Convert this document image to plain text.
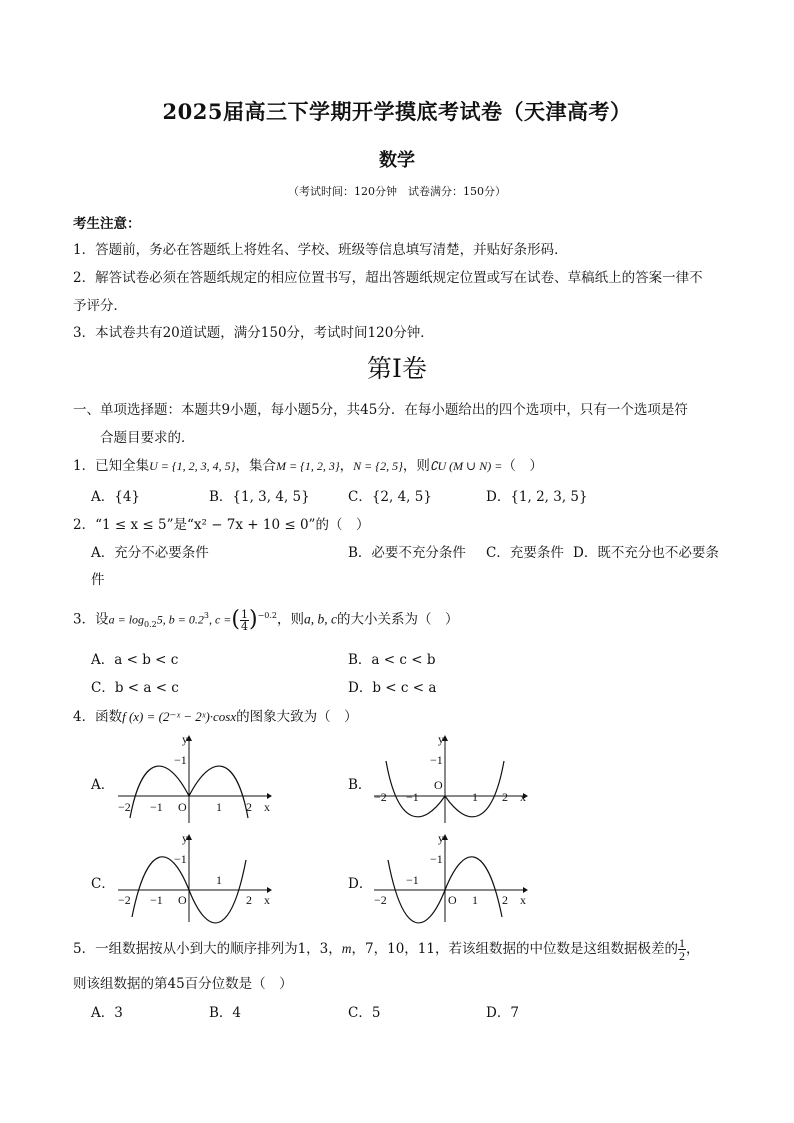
2025届高三下学期开学摸底考试卷（天津高考）
数学
（考试时间：120分钟　试卷满分：150分）
考生注意：
1．答题前，务必在答题纸上将姓名、学校、班级等信息填写清楚，并贴好条形码．
2．解答试卷必须在答题纸规定的相应位置书写，超出答题纸规定位置或写在试卷、草稿纸上的答案一律不
予评分．
3．本试卷共有20道试题，满分150分，考试时间120分钟．
第Ⅰ卷
一、单项选择题：本题共9小题，每小题5分，共45分．在每小题给出的四个选项中，只有一个选项是符
合题目要求的．
1．已知全集U = {1, 2, 3, 4, 5}，集合M = {1, 2, 3}，N = {2, 5}，则∁U (M ∪ N) =（　）
A．{4}	B．{1, 3, 4, 5}	C．{2, 4, 5}	D．{1, 2, 3, 5}
2．“1 ≤ x ≤ 5”是“x² − 7x + 10 ≤ 0”的（　）
A．充分不必要条件	B．必要不充分条件 C．充要条件 D．既不充分也不必要条
件
3．设$a = \log_{0.2}5$, $b = 0.2^3$, c =( $\frac{1}{4} )^{-0.2}$，则a, b, c的大小关系为（　）
A．a < b < c	B．a < c < b
C．b < a < c	D．b < c < a
4．函数f (x) = (2⁻ˣ − 2ˣ)·cosx的图象大致为（　）
A．	B．
C．	D．
y
x
O
−2 −1	1 2
−1
y
x
O
−2 −1	1 2
−1
y
x
O
−2 −1
1
2
−1
y
x
O
−2
−1
1 2
−1
5．一组数据按从小到大的顺序排列为1，3，m，7，10，11，若该组数据的中位数是这组数据极差的 $\frac{1}{2}$ ，
则该组数据的第45百分位数是（　）
A．3	B．4	C．5	D．7
